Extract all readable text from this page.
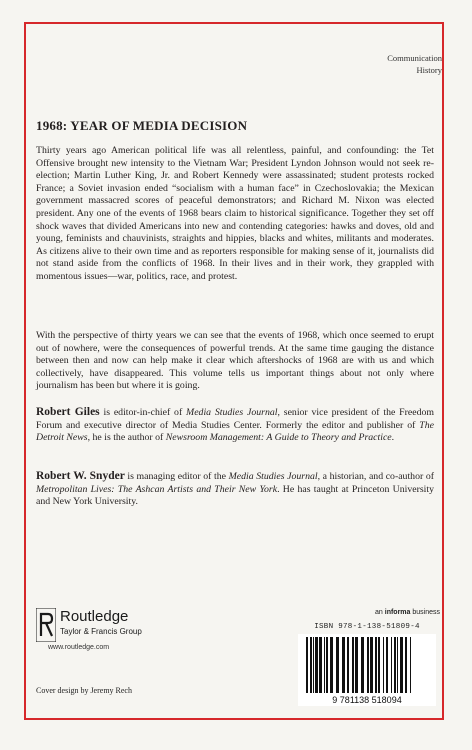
Communication
History
1968: YEAR OF MEDIA DECISION

Thirty years ago American political life was all relentless, painful, and confounding: the Tet Offensive brought new intensity to the Vietnam War; President Lyndon Johnson would not seek re-election; Martin Luther King, Jr. and Robert Kennedy were assassinated; student protests rocked France; a Soviet invasion ended “socialism with a human face” in Czechoslovakia; the Mexican government massacred scores of peaceful demonstrators; and Richard M. Nixon was elected president. Any one of the events of 1968 bears claim to historical significance. Together they set off shock waves that divided Americans into new and contending categories: hawks and doves, old and young, feminists and chauvinists, straights and hippies, blacks and whites, militants and moderates. As citizens alive to their own time and as reporters responsible for making sense of it, journalists did not stand aside from the conflicts of 1968. In their lives and in their work, they grappled with momentous issues—war, politics, race, and protest.

With the perspective of thirty years we can see that the events of 1968, which once seemed to erupt out of nowhere, were the consequences of powerful trends. At the same time gauging the distance between then and now can help make it clear which aftershocks of 1968 are with us and which collectively, have disappeared. This volume tells us important things about not only where journalism has been but where it is going.

Robert Giles is editor-in-chief of Media Studies Journal, senior vice president of the Freedom Forum and executive director of Media Studies Center. Formerly the editor and publisher of The Detroit News, he is the author of Newsroom Management: A Guide to Theory and Practice.

Robert W. Snyder is managing editor of the Media Studies Journal, a historian, and co-author of Metropolitan Lives: The Ashcan Artists and Their New York. He has taught at Princeton University and New York University.

Routledge
Taylor & Francis Group
www.routledge.com
an informa business
ISBN 978-1-138-51809-4
9 781138 518094
Cover design by Jeremy Rech
